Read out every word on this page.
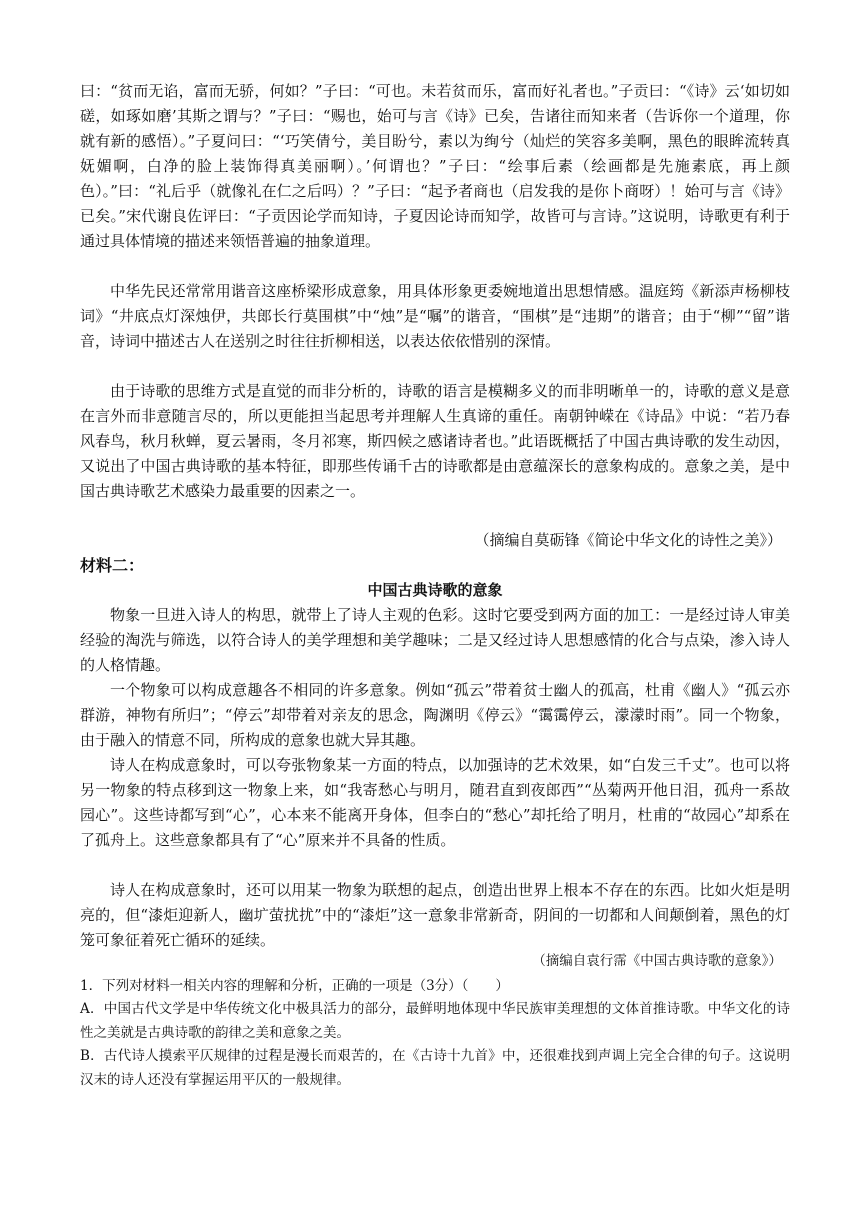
曰：“贫而无谄，富而无骄，何如？”子曰：“可也。未若贫而乐，富而好礼者也。”子贡曰：“《诗》云‘如切如磋，如琢如磨’其斯之谓与？”子曰：“赐也，始可与言《诗》已矣，告诸往而知来者（告诉你一个道理，你就有新的感悟）。”子夏问曰：“‘巧笑倩兮，美目盼兮，素以为绚兮（灿烂的笑容多美啊，黑色的眼眸流转真妩媚啊，白净的脸上装饰得真美丽啊）。’何谓也？”子曰：“绘事后素（绘画都是先施素底，再上颜色）。”曰：“礼后乎（就像礼在仁之后吗）？”子曰：“起予者商也（启发我的是你卜商呀）！始可与言《诗》已矣。”宋代谢良佐评曰：“子贡因论学而知诗，子夏因论诗而知学，故皆可与言诗。”这说明，诗歌更有利于通过具体情境的描述来领悟普遍的抽象道理。

中华先民还常常用谐音这座桥梁形成意象，用具体形象更委婉地道出思想情感。温庭筠《新添声杨柳枝词》“井底点灯深烛伊，共郎长行莫围棋”中“烛”是“嘱”的谐音，“围棋”是“违期”的谐音；由于“柳”“留”谐音，诗词中描述古人在送别之时往往折柳相送，以表达依依惜别的深情。

由于诗歌的思维方式是直觉的而非分析的，诗歌的语言是模糊多义的而非明晰单一的，诗歌的意义是意在言外而非意随言尽的，所以更能担当起思考并理解人生真谛的重任。南朝钟嵘在《诗品》中说：“若乃春风春鸟，秋月秋蝉，夏云暑雨，冬月祁寒，斯四候之感诸诗者也。”此语既概括了中国古典诗歌的发生动因，又说出了中国古典诗歌的基本特征，即那些传诵千古的诗歌都是由意蕴深长的意象构成的。意象之美，是中国古典诗歌艺术感染力最重要的因素之一。

（摘编自莫砺锋《简论中华文化的诗性之美》）
材料二：
中国古典诗歌的意象

物象一旦进入诗人的构思，就带上了诗人主观的色彩。这时它要受到两方面的加工：一是经过诗人审美经验的淘洗与筛选，以符合诗人的美学理想和美学趣味；二是又经过诗人思想感情的化合与点染，渗入诗人的人格情趣。

一个物象可以构成意趣各不相同的许多意象。例如“孤云”带着贫士幽人的孤高，杜甫《幽人》“孤云亦群游，神物有所归”；“停云”却带着对亲友的思念，陶渊明《停云》“霭霭停云，濛濛时雨”。同一个物象，由于融入的情意不同，所构成的意象也就大异其趣。

诗人在构成意象时，可以夸张物象某一方面的特点，以加强诗的艺术效果，如“白发三千丈”。也可以将另一物象的特点移到这一物象上来，如“我寄愁心与明月，随君直到夜郎西”“丛菊两开他日泪，孤舟一系故园心”。这些诗都写到“心”，心本来不能离开身体，但李白的“愁心”却托给了明月，杜甫的“故园心”却系在了孤舟上。这些意象都具有了“心”原来并不具备的性质。

诗人在构成意象时，还可以用某一物象为联想的起点，创造出世界上根本不存在的东西。比如火炬是明亮的，但“漆炬迎新人，幽圹萤扰扰”中的“漆炬”这一意象非常新奇，阴间的一切都和人间颠倒着，黑色的灯笼可象征着死亡循环的延续。

（摘编自袁行霈《中国古典诗歌的意象》）

1．下列对材料一相关内容的理解和分析，正确的一项是（3分）（　　）

A．中国古代文学是中华传统文化中极具活力的部分，最鲜明地体现中华民族审美理想的文体首推诗歌。中华文化的诗性之美就是古典诗歌的韵律之美和意象之美。

B．古代诗人摸索平仄规律的过程是漫长而艰苦的，在《古诗十九首》中，还很难找到声调上完全合律的句子。这说明汉末的诗人还没有掌握运用平仄的一般规律。
